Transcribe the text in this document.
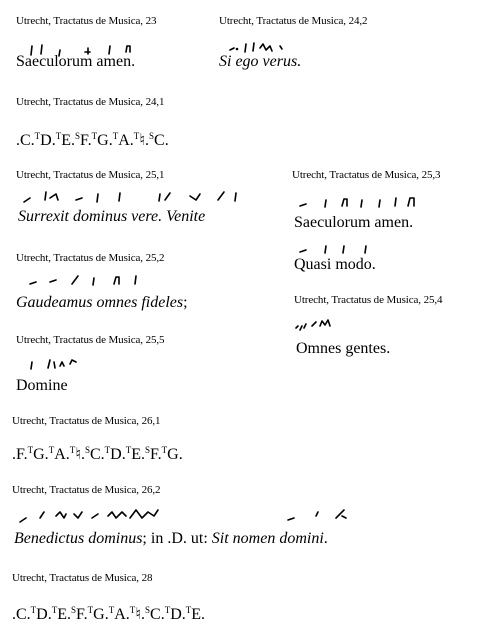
Utrecht, Tractatus de Musica, 23
Saeculorum amen.
Utrecht, Tractatus de Musica, 24,2
Si ego verus.
Utrecht, Tractatus de Musica, 24,1
.C.$^T$D.$^T$E.$^S$F.$^T$G.$^T$A.$^T$♮.$^S$C.
Utrecht, Tractatus de Musica, 25,1
Surrexit dominus vere. Venite
Utrecht, Tractatus de Musica, 25,3
Saeculorum amen.
Utrecht, Tractatus de Musica, 25,2
Gaudeamus omnes fideles;
Quasi modo.
Utrecht, Tractatus de Musica, 25,4
Omnes gentes.
Utrecht, Tractatus de Musica, 25,5
Domine
Utrecht, Tractatus de Musica, 26,1
.F.$^T$G.$^T$A.$^T$♮.$^S$C.$^T$D.$^T$E.$^S$F.$^T$G.
Utrecht, Tractatus de Musica, 26,2
Benedictus dominus; in .D. ut: Sit nomen domini.
Utrecht, Tractatus de Musica, 28
.C.$^T$D.$^T$E.$^S$F.$^T$G.$^T$A.$^T$♮.$^S$C.$^T$D.$^T$E.
